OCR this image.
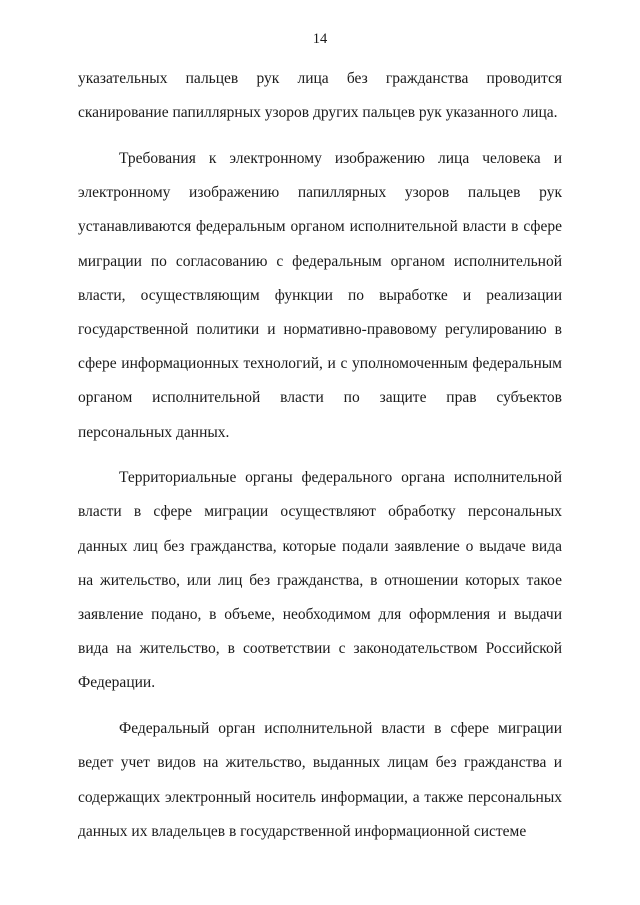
14

указательных пальцев рук лица без гражданства проводится сканирование папиллярных узоров других пальцев рук указанного лица.

Требования к электронному изображению лица человека и электронному изображению папиллярных узоров пальцев рук устанавливаются федеральным органом исполнительной власти в сфере миграции по согласованию с федеральным органом исполнительной власти, осуществляющим функции по выработке и реализации государственной политики и нормативно-правовому регулированию в сфере информационных технологий, и с уполномоченным федеральным органом исполнительной власти по защите прав субъектов персональных данных.

Территориальные органы федерального органа исполнительной власти в сфере миграции осуществляют обработку персональных данных лиц без гражданства, которые подали заявление о выдаче вида на жительство, или лиц без гражданства, в отношении которых такое заявление подано, в объеме, необходимом для оформления и выдачи вида на жительство, в соответствии с законодательством Российской Федерации.

Федеральный орган исполнительной власти в сфере миграции ведет учет видов на жительство, выданных лицам без гражданства и содержащих электронный носитель информации, а также персональных данных их владельцев в государственной информационной системе
